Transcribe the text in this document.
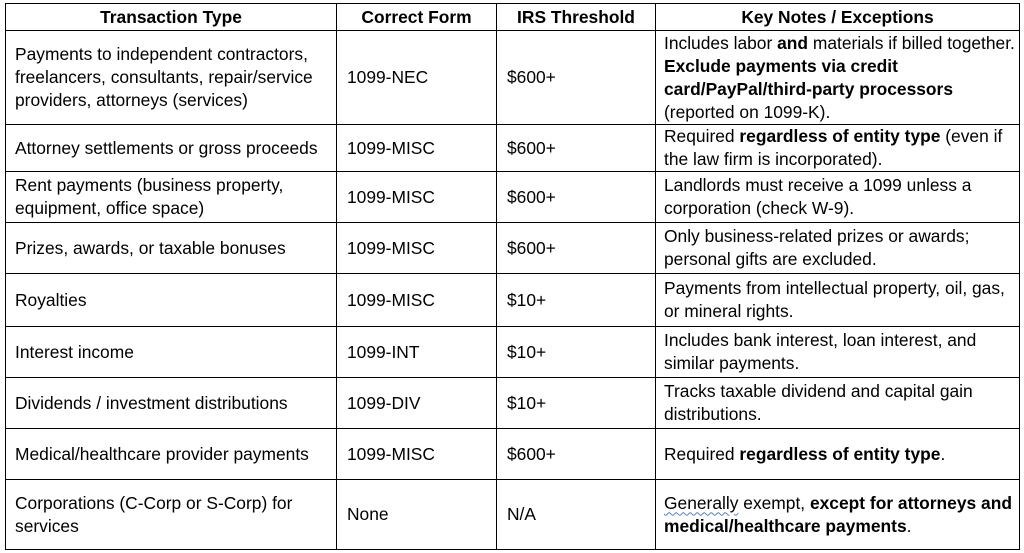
Transaction Type	Correct Form	IRS Threshold	Key Notes / Exceptions
Payments to independent contractors, freelancers, consultants, repair/service providers, attorneys (services)	1099-NEC	$600+	Includes labor and materials if billed together. Exclude payments via credit card/PayPal/third-party processors (reported on 1099-K).
Attorney settlements or gross proceeds	1099-MISC	$600+	Required regardless of entity type (even if the law firm is incorporated).
Rent payments (business property, equipment, office space)	1099-MISC	$600+	Landlords must receive a 1099 unless a corporation (check W-9).
Prizes, awards, or taxable bonuses	1099-MISC	$600+	Only business-related prizes or awards; personal gifts are excluded.
Royalties	1099-MISC	$10+	Payments from intellectual property, oil, gas, or mineral rights.
Interest income	1099-INT	$10+	Includes bank interest, loan interest, and similar payments.
Dividends / investment distributions	1099-DIV	$10+	Tracks taxable dividend and capital gain distributions.
Medical/healthcare provider payments	1099-MISC	$600+	Required regardless of entity type.
Corporations (C-Corp or S-Corp) for services	None	N/A	Generally exempt, except for attorneys and medical/healthcare payments.
